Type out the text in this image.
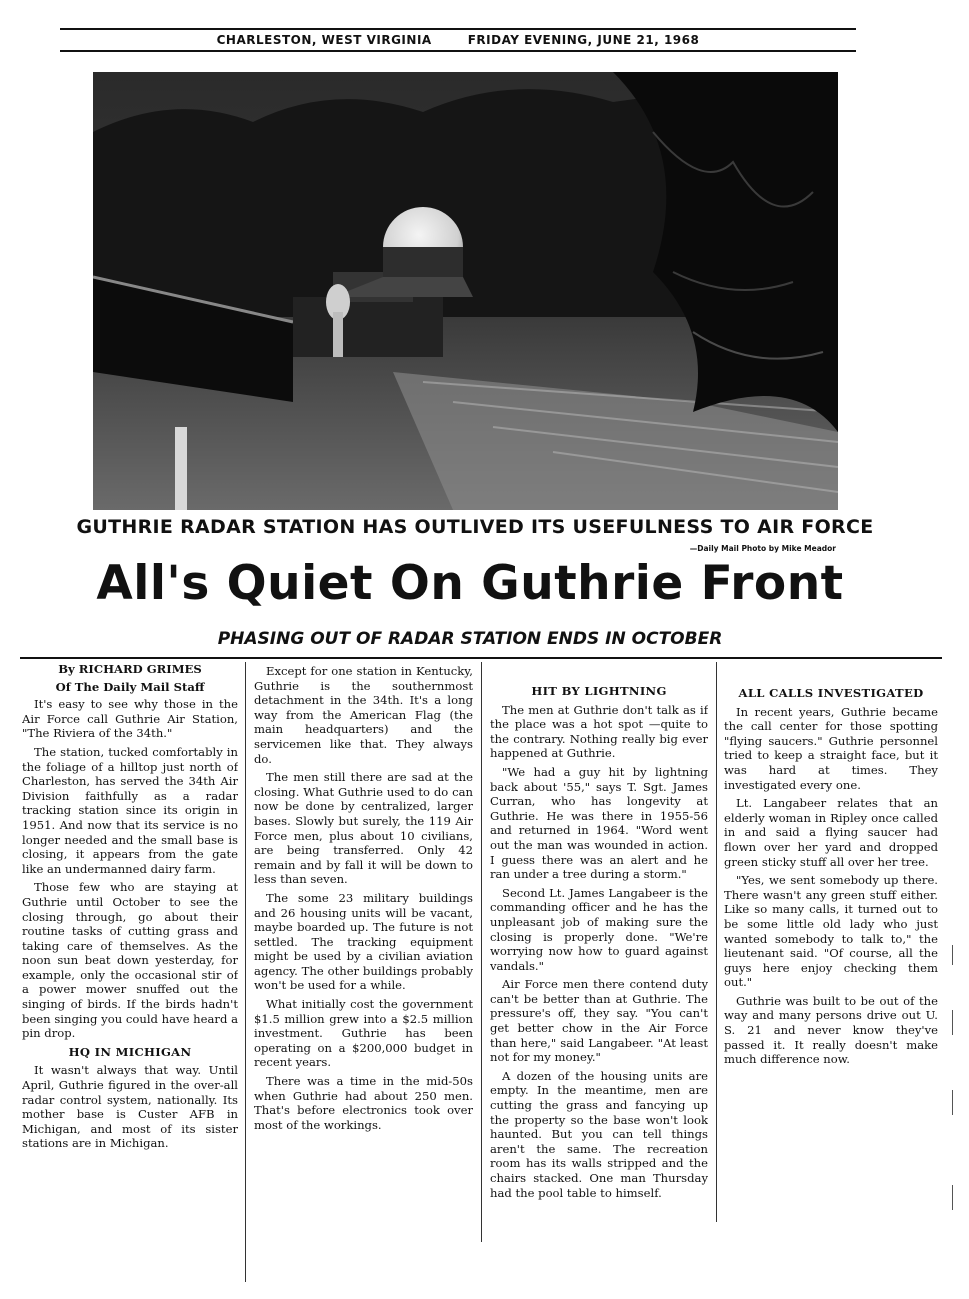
CHARLESTON, WEST VIRGINIA	FRIDAY EVENING, JUNE 21, 1968
GUTHRIE RADAR STATION HAS OUTLIVED ITS USEFULNESS TO AIR FORCE
—Daily Mail Photo by Mike Meador
All's Quiet On Guthrie Front
PHASING OUT OF RADAR STATION ENDS IN OCTOBER

By RICHARD GRIMES

Of The Daily Mail Staff

It's easy to see why those in the Air Force call Guthrie Air Station, "The Riviera of the 34th."

The station, tucked comfortably in the foliage of a hilltop just north of Charleston, has served the 34th Air Division faithfully as a radar tracking station since its origin in 1951. And now that its service is no longer needed and the small base is closing, it appears from the gate like an undermanned dairy farm.

Those few who are staying at Guthrie until October to see the closing through, go about their routine tasks of cutting grass and taking care of themselves. As the noon sun beat down yesterday, for example, only the occasional stir of a power mower snuffed out the singing of birds. If the birds hadn't been singing you could have heard a pin drop.

HQ IN MICHIGAN

It wasn't always that way. Until April, Guthrie figured in the over-all radar control system, nationally. Its mother base is Custer AFB in Michigan, and most of its sister stations are in Michigan.

Except for one station in Kentucky, Guthrie is the southernmost detachment in the 34th. It's a long way from the American Flag (the main headquarters) and the servicemen like that. They always do.

The men still there are sad at the closing. What Guthrie used to do can now be done by centralized, larger bases. Slowly but surely, the 119 Air Force men, plus about 10 civilians, are being transferred. Only 42 remain and by fall it will be down to less than seven.

The some 23 military buildings and 26 housing units will be vacant, maybe boarded up. The future is not settled. The tracking equipment might be used by a civilian aviation agency. The other buildings probably won't be used for a while.

What initially cost the government $1.5 million grew into a $2.5 million investment. Guthrie has been operating on a $200,000 budget in recent years.

There was a time in the mid-50s when Guthrie had about 250 men. That's before electronics took over most of the workings.

HIT BY LIGHTNING

The men at Guthrie don't talk as if the place was a hot spot —quite to the contrary. Nothing really big ever happened at Guthrie.

"We had a guy hit by lightning back about '55," says T. Sgt. James Curran, who has longevity at Guthrie. He was there in 1955-56 and returned in 1964. "Word went out the man was wounded in action. I guess there was an alert and he ran under a tree during a storm."

Second Lt. James Langabeer is the commanding officer and he has the unpleasant job of making sure the closing is properly done. "We're worrying now how to guard against vandals."

Air Force men there contend duty can't be better than at Guthrie. The pressure's off, they say. "You can't get better chow in the Air Force than here," said Langabeer. "At least not for my money."

A dozen of the housing units are empty. In the meantime, men are cutting the grass and fancying up the property so the base won't look haunted. But you can tell things aren't the same. The recreation room has its walls stripped and the chairs stacked. One man Thursday had the pool table to himself.

ALL CALLS INVESTIGATED

In recent years, Guthrie became the call center for those spotting "flying saucers." Guthrie personnel tried to keep a straight face, but it was hard at times. They investigated every one.

Lt. Langabeer relates that an elderly woman in Ripley once called in and said a flying saucer had flown over her yard and dropped green sticky stuff all over her tree.

"Yes, we sent somebody up there. There wasn't any green stuff either. Like so many calls, it turned out to be some little old lady who just wanted somebody to talk to," the lieutenant said. "Of course, all the guys here enjoy checking them out."

Guthrie was built to be out of the way and many persons drive out U. S. 21 and never know they've passed it. It really doesn't make much difference now.
